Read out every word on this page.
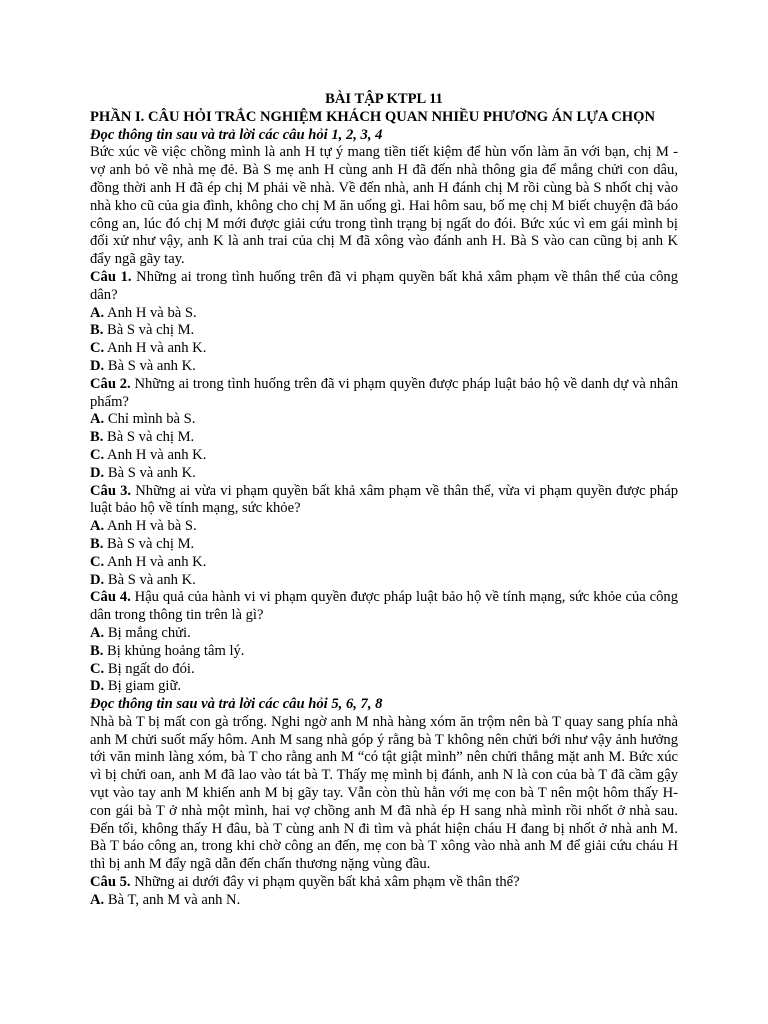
BÀI TẬP KTPL 11

PHẦN I. CÂU HỎI TRẮC NGHIỆM KHÁCH QUAN NHIỀU PHƯƠNG ÁN LỰA CHỌN

Đọc thông tin sau và trả lời các câu hỏi 1, 2, 3, 4

Bức xúc về việc chồng mình là anh H tự ý mang tiền tiết kiệm để hùn vốn làm ăn với bạn, chị M - vợ anh bỏ về nhà mẹ đẻ. Bà S mẹ anh H cùng anh H đã đến nhà thông gia để mắng chửi con dâu, đồng thời anh H đã ép chị M phải về nhà. Về đến nhà, anh H đánh chị M rồi cùng bà S nhốt chị vào nhà kho cũ của gia đình, không cho chị M ăn uống gì. Hai hôm sau, bố mẹ chị M biết chuyện đã báo công an, lúc đó chị M mới được giải cứu trong tình trạng bị ngất do đói. Bức xúc vì em gái mình bị đối xử như vậy, anh K là anh trai của chị M đã xông vào đánh anh H. Bà S vào can cũng bị anh K đẩy ngã gãy tay.

Câu 1. Những ai trong tình huống trên đã vi phạm quyền bất khả xâm phạm về thân thể của công dân?

A. Anh H và bà S.

B. Bà S và chị M.

C. Anh H và anh K.

D. Bà S và anh K.

Câu 2. Những ai trong tình huống trên đã vi phạm quyền được pháp luật bảo hộ về danh dự và nhân phẩm?

A. Chỉ mình bà S.

B. Bà S và chị M.

C. Anh H và anh K.

D. Bà S và anh K.

Câu 3. Những ai vừa vi phạm quyền bất khả xâm phạm về thân thể, vừa vi phạm quyền được pháp luật bảo hộ về tính mạng, sức khỏe?

A. Anh H và bà S.

B. Bà S và chị M.

C. Anh H và anh K.

D. Bà S và anh K.

Câu 4. Hậu quả của hành vi vi phạm quyền được pháp luật bảo hộ về tính mạng, sức khỏe của công dân trong thông tin trên là gì?

A. Bị mắng chửi.

B. Bị khủng hoảng tâm lý.

C. Bị ngất do đói.

D. Bị giam giữ.

Đọc thông tin sau và trả lời các câu hỏi 5, 6, 7, 8

Nhà bà T bị mất con gà trống. Nghi ngờ anh M nhà hàng xóm ăn trộm nên bà T quay sang phía nhà anh M chửi suốt mấy hôm. Anh M sang nhà góp ý rằng bà T không nên chửi bới như vậy ảnh hưởng tới văn minh làng xóm, bà T cho rằng anh M “có tật giật mình” nên chửi thẳng mặt anh M. Bức xúc vì bị chửi oan, anh M đã lao vào tát bà T. Thấy mẹ mình bị đánh, anh N là con của bà T đã cầm gậy vụt vào tay anh M khiến anh M bị gãy tay. Vẫn còn thù hằn với mẹ con bà T nên một hôm thấy H- con gái bà T ở nhà một mình, hai vợ chồng anh M đã nhà ép H sang nhà mình rồi nhốt ở nhà sau. Đến tối, không thấy H đâu, bà T cùng anh N đi tìm và phát hiện cháu H đang bị nhốt ở nhà anh M. Bà T báo công an, trong khi chờ công an đến, mẹ con bà T xông vào nhà anh M để giải cứu cháu H thì bị anh M đẩy ngã dẫn đến chấn thương nặng vùng đầu.

Câu 5. Những ai dưới đây vi phạm quyền bất khả xâm phạm về thân thể?

A. Bà T, anh M và anh N.
